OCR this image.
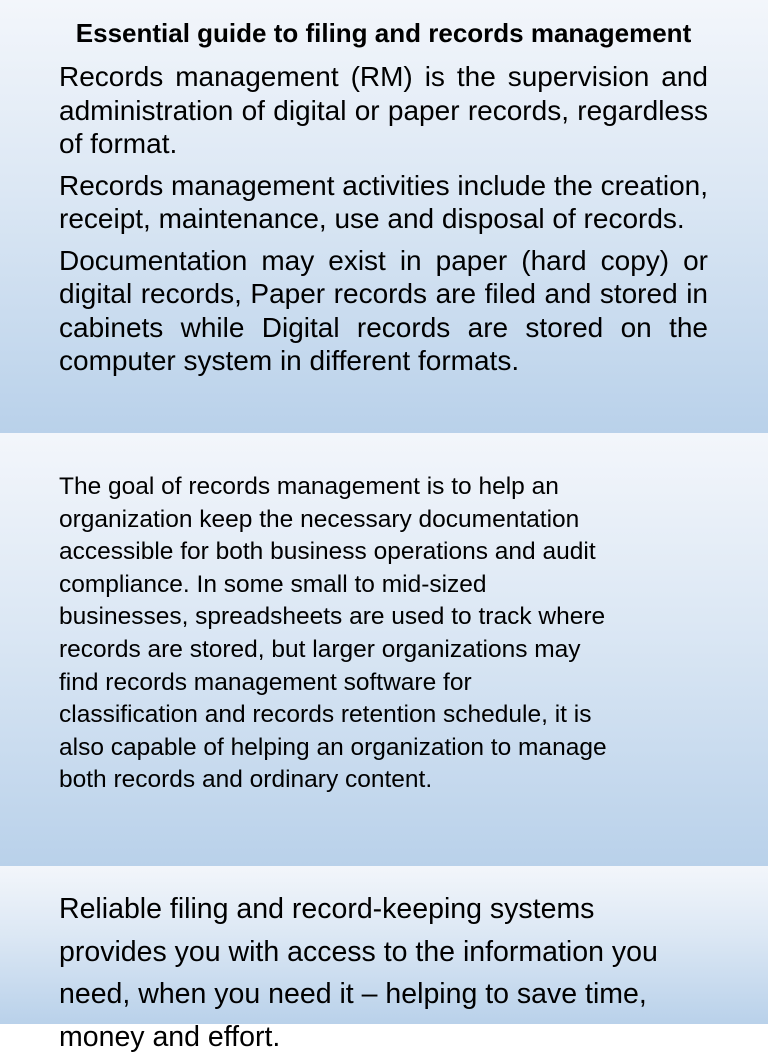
Essential guide to filing and records management

Records management (RM) is the supervision and administration of digital or paper records, regardless of format.

Records management activities include the creation, receipt, maintenance, use and disposal of records.

Documentation may exist in paper (hard copy) or digital records, Paper records are filed and stored in cabinets while Digital records are stored on the computer system in different formats.

The goal of records management is to help an
organization keep the necessary documentation
accessible for both business operations and audit
compliance. In some small to mid-sized
businesses, spreadsheets are used to track where
records are stored, but larger organizations may
find records management software for
classification and records retention schedule, it is
also capable of helping an organization to manage
both records and ordinary content.

Reliable filing and record-keeping systems
provides you with access to the information you
need, when you need it – helping to save time,
money and effort.
